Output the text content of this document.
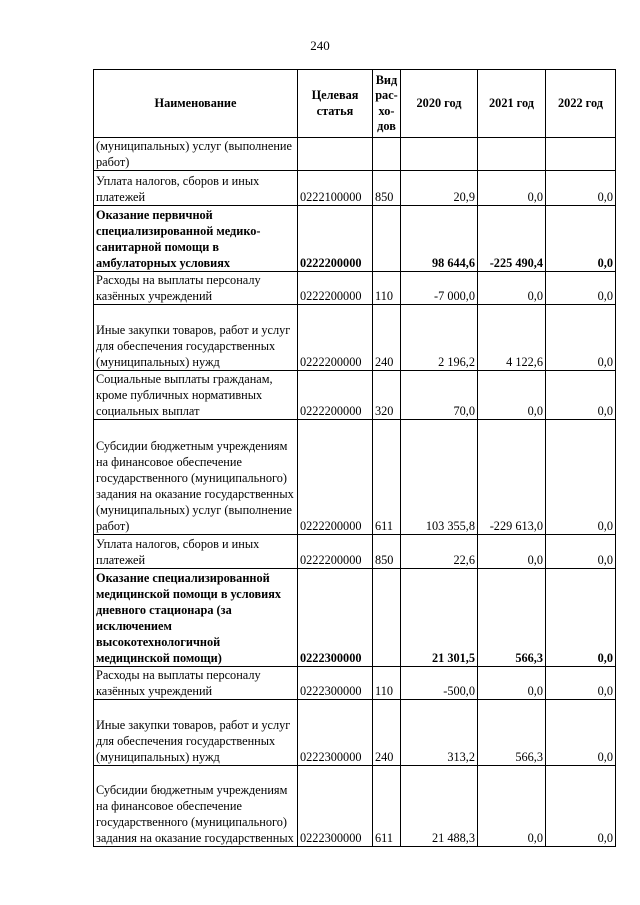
240
Наименование	Целевая статья	Вид рас-хо-дов	2020 год	2021 год	2022 год
(муниципальных) услуг (выполнение работ)					
Уплата налогов, сборов и иных платежей	0222100000	850	20,9	0,0	0,0
Оказание первичной специализированной медико-санитарной помощи в амбулаторных условиях	0222200000		98 644,6	-225 490,4	0,0
Расходы на выплаты персоналу казённых учреждений	0222200000	110	-7 000,0	0,0	0,0
Иные закупки товаров, работ и услуг для обеспечения государственных (муниципальных) нужд	0222200000	240	2 196,2	4 122,6	0,0
Социальные выплаты гражданам, кроме публичных нормативных социальных выплат	0222200000	320	70,0	0,0	0,0
Субсидии бюджетным учреждениям на финансовое обеспечение государственного (муниципального) задания на оказание государственных (муниципальных) услуг (выполнение работ)	0222200000	611	103 355,8	-229 613,0	0,0
Уплата налогов, сборов и иных платежей	0222200000	850	22,6	0,0	0,0
Оказание специализированной медицинской помощи в условиях дневного стационара (за исключением высокотехнологичной медицинской помощи)	0222300000		21 301,5	566,3	0,0
Расходы на выплаты персоналу казённых учреждений	0222300000	110	-500,0	0,0	0,0
Иные закупки товаров, работ и услуг для обеспечения государственных (муниципальных) нужд	0222300000	240	313,2	566,3	0,0
Субсидии бюджетным учреждениям на финансовое обеспечение государственного (муниципального) задания на оказание государственных	0222300000	611	21 488,3	0,0	0,0
